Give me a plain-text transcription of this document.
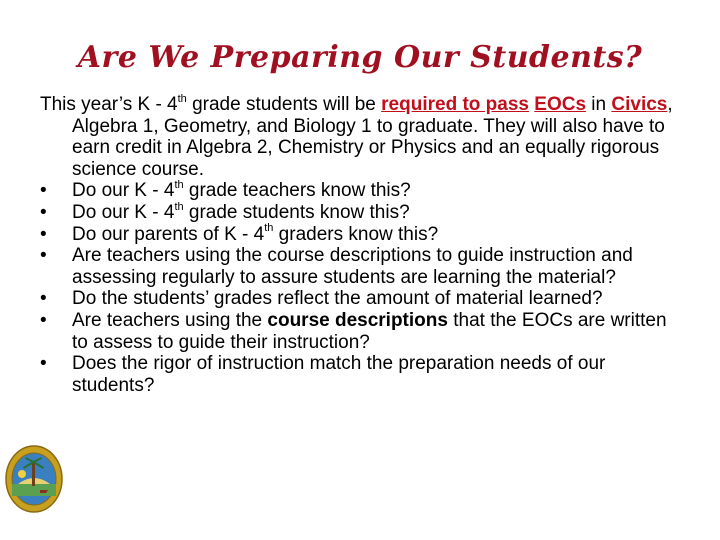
Are We Preparing Our Students?

This year’s K - 4th grade students will be required to pass EOCs in Civics, Algebra 1, Geometry, and Biology 1 to graduate. They will also have to earn credit in Algebra 2, Chemistry or Physics and an equally rigorous science course.

•	Do our K - 4th grade teachers know this?
•	Do our K - 4th grade students know this?
•	Do our parents of K - 4th graders know this?
•	Are teachers using the course descriptions to guide instruction and assessing regularly to assure students are learning the material?
•	Do the students’ grades reflect the amount of material learned?
•	Are teachers using the course descriptions that the EOCs are written to assess to guide their instruction?
•	Does the rigor of instruction match the preparation needs of our students?
